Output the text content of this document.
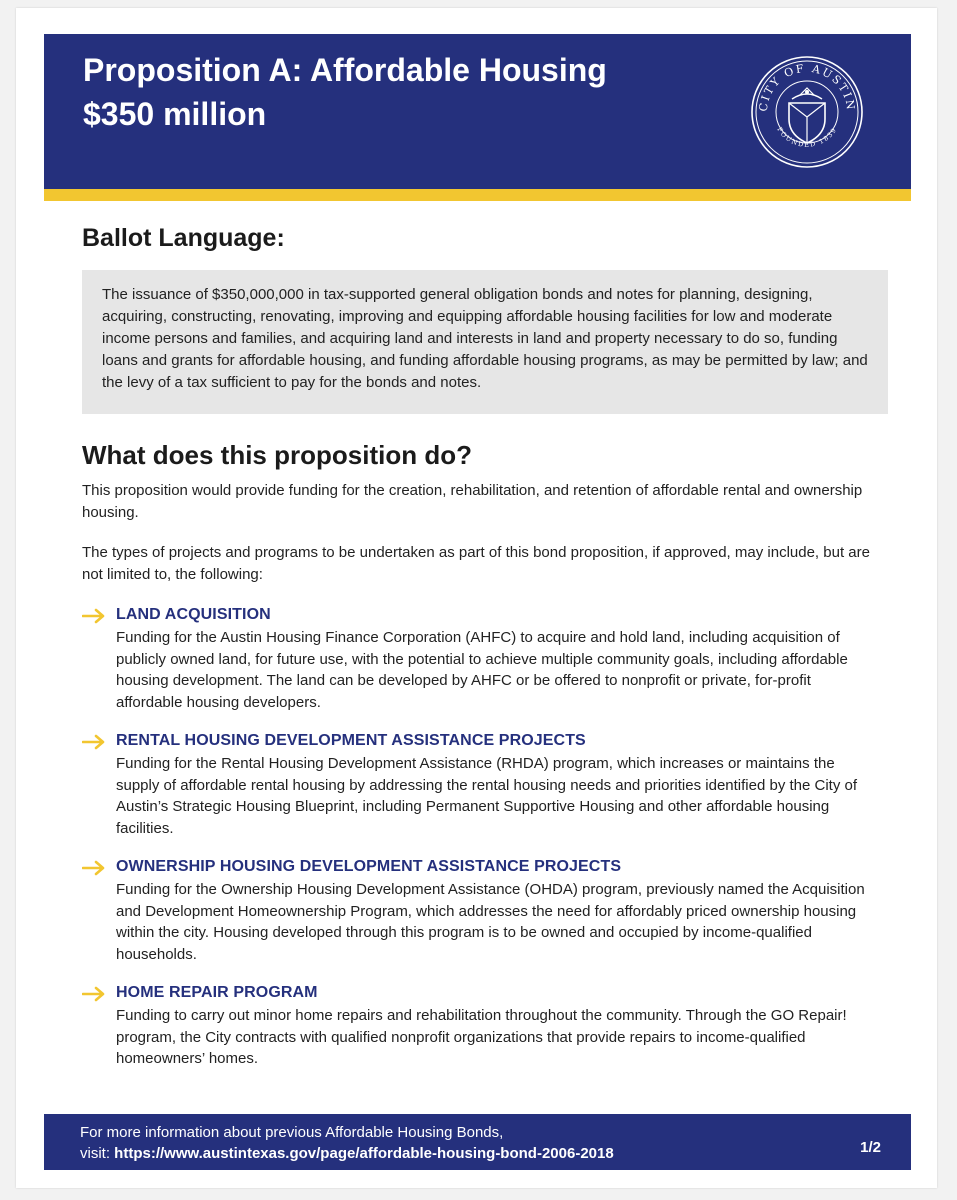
Proposition A: Affordable Housing
$350 million	CITY OF AUSTIN
FOUNDED 1839
Ballot Language:

The issuance of $350,000,000 in tax-supported general obligation bonds and notes for planning, designing, acquiring, constructing, renovating, improving and equipping affordable housing facilities for low and moderate income persons and families, and acquiring land and interests in land and property necessary to do so, funding loans and grants for affordable housing, and funding affordable housing programs, as may be permitted by law; and the levy of a tax sufficient to pay for the bonds and notes.

What does this proposition do?

This proposition would provide funding for the creation, rehabilitation, and retention of affordable rental and ownership housing.

The types of projects and programs to be undertaken as part of this bond proposition, if approved, may include, but are not limited to, the following:

LAND ACQUISITION

Funding for the Austin Housing Finance Corporation (AHFC) to acquire and hold land, including acquisition of publicly owned land, for future use, with the potential to achieve multiple community goals, including affordable housing development. The land can be developed by AHFC or be offered to nonprofit or private, for-profit affordable housing developers.

RENTAL HOUSING DEVELOPMENT ASSISTANCE PROJECTS

Funding for the Rental Housing Development Assistance (RHDA) program, which increases or maintains the supply of affordable rental housing by addressing the rental housing needs and priorities identified by the City of Austin’s Strategic Housing Blueprint, including Permanent Supportive Housing and other affordable housing facilities.

OWNERSHIP HOUSING DEVELOPMENT ASSISTANCE PROJECTS

Funding for the Ownership Housing Development Assistance (OHDA) program, previously named the Acquisition and Development Homeownership Program, which addresses the need for affordably priced ownership housing within the city. Housing developed through this program is to be owned and occupied by income-qualified households.

HOME REPAIR PROGRAM

Funding to carry out minor home repairs and rehabilitation throughout the community. Through the GO Repair! program, the City contracts with qualified nonprofit organizations that provide repairs to income-qualified homeowners’ homes.

For more information about previous Affordable Housing Bonds,
visit: https://www.austintexas.gov/page/affordable-housing-bond-2006-2018	1/2
